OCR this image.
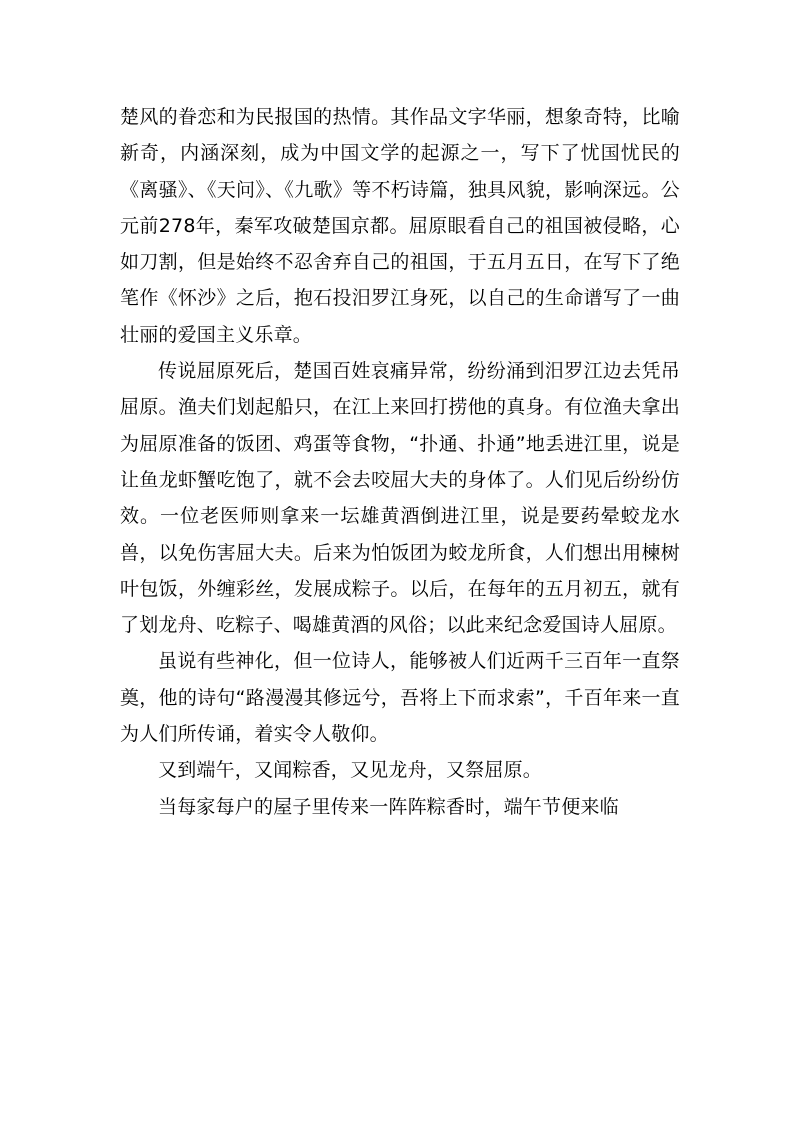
楚风的眷恋和为民报国的热情。其作品文字华丽，想象奇特，比喻新奇，内涵深刻，成为中国文学的起源之一，写下了忧国忧民的《离骚》、《天问》、《九歌》等不朽诗篇，独具风貌，影响深远。公元前278年，秦军攻破楚国京都。屈原眼看自己的祖国被侵略，心如刀割，但是始终不忍舍弃自己的祖国，于五月五日，在写下了绝笔作《怀沙》之后，抱石投汨罗江身死，以自己的生命谱写了一曲壮丽的爱国主义乐章。

传说屈原死后，楚国百姓哀痛异常，纷纷涌到汨罗江边去凭吊屈原。渔夫们划起船只，在江上来回打捞他的真身。有位渔夫拿出为屈原准备的饭团、鸡蛋等食物，“扑通、扑通”地丢进江里，说是让鱼龙虾蟹吃饱了，就不会去咬屈大夫的身体了。人们见后纷纷仿效。一位老医师则拿来一坛雄黄酒倒进江里，说是要药晕蛟龙水兽，以免伤害屈大夫。后来为怕饭团为蛟龙所食，人们想出用楝树叶包饭，外缠彩丝，发展成粽子。以后，在每年的五月初五，就有了划龙舟、吃粽子、喝雄黄酒的风俗；以此来纪念爱国诗人屈原。

虽说有些神化，但一位诗人，能够被人们近两千三百年一直祭奠，他的诗句“路漫漫其修远兮，吾将上下而求索”，千百年来一直为人们所传诵，着实令人敬仰。

又到端午，又闻粽香，又见龙舟，又祭屈原。

当每家每户的屋子里传来一阵阵粽香时，端午节便来临
